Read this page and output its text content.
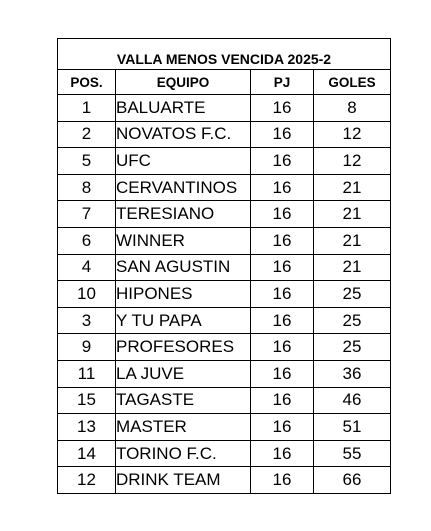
VALLA MENOS VENCIDA 2025-2			
POS.	EQUIPO	PJ	GOLES
1	BALUARTE	16	8
2	NOVATOS F.C.	16	12
5	UFC	16	12
8	CERVANTINOS	16	21
7	TERESIANO	16	21
6	WINNER	16	21
4	SAN AGUSTIN	16	21
10	HIPONES	16	25
3	Y TU PAPA	16	25
9	PROFESORES	16	25
11	LA JUVE	16	36
15	TAGASTE	16	46
13	MASTER	16	51
14	TORINO F.C.	16	55
12	DRINK TEAM	16	66
